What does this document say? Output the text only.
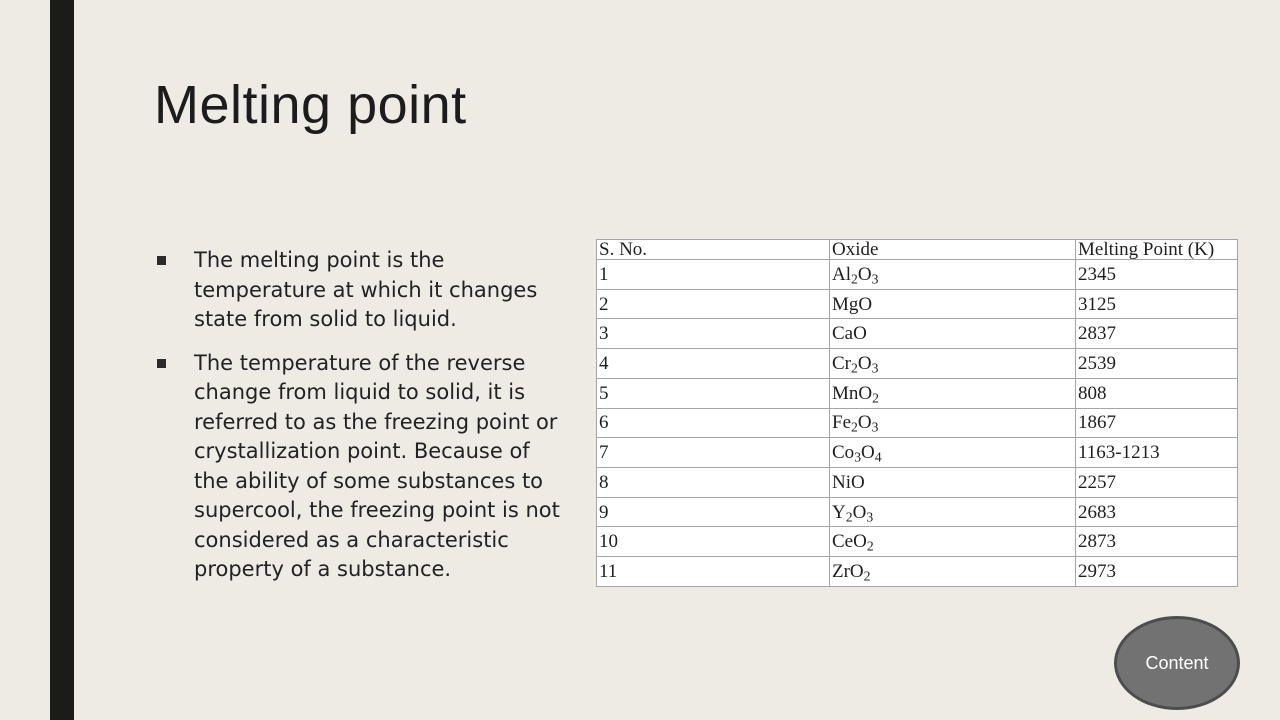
Melting point
The melting point is the temperature at which it changes state from solid to liquid.
The temperature of the reverse change from liquid to solid, it is referred to as the freezing point or crystallization point. Because of the ability of some substances to supercool, the freezing point is not considered as a characteristic property of a substance.
S. No.	Oxide	Melting Point (K)
1	$Al_2O_3$	2345
2	MgO	3125
3	CaO	2837
4	$Cr_2O_3$	2539
5	MnO$_2$	808
6	$Fe_2O_3$	1867
7	$Co_3O_4$	1163-1213
8	NiO	2257
9	$Y_2O_3$	2683
10	CeO$_2$	2873
11	ZrO$_2$	2973
Content
